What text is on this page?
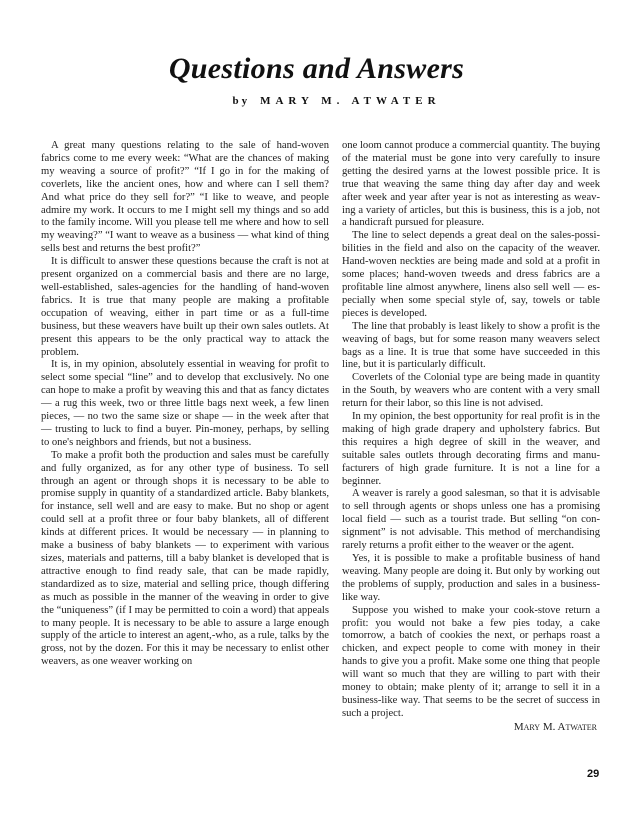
Questions and Answers
by MARY M. ATWATER

A great many questions relating to the sale of hand-woven fabrics come to me every week: “What are the chances of making my weaving a source of profit?” “If I go in for the making of coverlets, like the ancient ones, how and where can I sell them? And what price do they sell for?” “I like to weave, and people admire my work. It occurs to me I might sell my things and so add to the family income. Will you please tell me where and how to sell my weaving?” “I want to weave as a business — what kind of thing sells best and returns the best profit?”

It is difficult to answer these questions because the craft is not at present organized on a commercial basis and there are no large, well-established, sales-agencies for the handling of hand-woven fabrics. It is true that many people are making a profitable occupation of weaving, either in part time or as a full-time business, but these weavers have built up their own sales outlets. At present this appears to be the only practical way to attack the problem.

It is, in my opinion, absolutely essential in weaving for profit to select some special “line” and to develop that exclusively. No one can hope to make a profit by weaving this and that as fancy dictates — a rug this week, two or three little bags next week, a few linen pieces, — no two the same size or shape — in the week after that — trusting to luck to find a buyer. Pin-money, perhaps, by selling to one's neighbors and friends, but not a business.

To make a profit both the production and sales must be carefully and fully organized, as for any other type of business. To sell through an agent or through shops it is necessary to be able to promise supply in quantity of a standardized article. Baby blankets, for instance, sell well and are easy to make. But no shop or agent could sell at a profit three or four baby blankets, all of different kinds at different prices. It would be necessary — in planning to make a business of baby blankets — to experiment with various sizes, materials and patterns, till a baby blanket is developed that is attractive enough to find ready sale, that can be made rapidly, standardized as to size, material and selling price, though differing as much as possible in the manner of the weaving in order to give the “uniqueness” (if I may be permitted to coin a word) that appeals to many people. It is necessary to be able to assure a large enough supply of the article to interest an agent,-who, as a rule, talks by the gross, not by the dozen. For this it may be necessary to enlist other weavers, as one weaver working on

one loom cannot produce a commercial quantity. The buying of the material must be gone into very carefully to insure getting the desired yarns at the lowest possible price. It is true that weaving the same thing day after day and week after week and year after year is not as interesting as weaving a variety of articles, but this is business, this is a job, not a handicraft pursued for pleasure.

The line to select depends a great deal on the sales-possibilities in the field and also on the capacity of the weaver. Hand-woven neckties are being made and sold at a profit in some places; hand-woven tweeds and dress fabrics are a profitable line almost anywhere, linens also sell well — especially when some special style of, say, towels or table pieces is developed.

The line that probably is least likely to show a profit is the weaving of bags, but for some reason many weavers select bags as a line. It is true that some have succeeded in this line, but it is particularly difficult.

Coverlets of the Colonial type are being made in quantity in the South, by weavers who are content with a very small return for their labor, so this line is not advised.

In my opinion, the best opportunity for real profit is in the making of high grade drapery and upholstery fabrics. But this requires a high degree of skill in the weaver, and suitable sales outlets through decorating firms and manufacturers of high grade furniture. It is not a line for a beginner.

A weaver is rarely a good salesman, so that it is advisable to sell through agents or shops unless one has a promising local field — such as a tourist trade. But selling “on consignment” is not advisable. This method of merchandising rarely returns a profit either to the weaver or the agent.

Yes, it is possible to make a profitable business of hand weaving. Many people are doing it. But only by working out the problems of supply, production and sales in a business-like way.

Suppose you wished to make your cook-stove return a profit: you would not bake a few pies today, a cake tomorrow, a batch of cookies the next, or perhaps roast a chicken, and expect people to come with money in their hands to give you a profit. Make some one thing that people will want so much that they are willing to part with their money to obtain; make plenty of it; arrange to sell it in a business-like way. That seems to be the secret of success in such a project.

Mary M. Atwater

29
